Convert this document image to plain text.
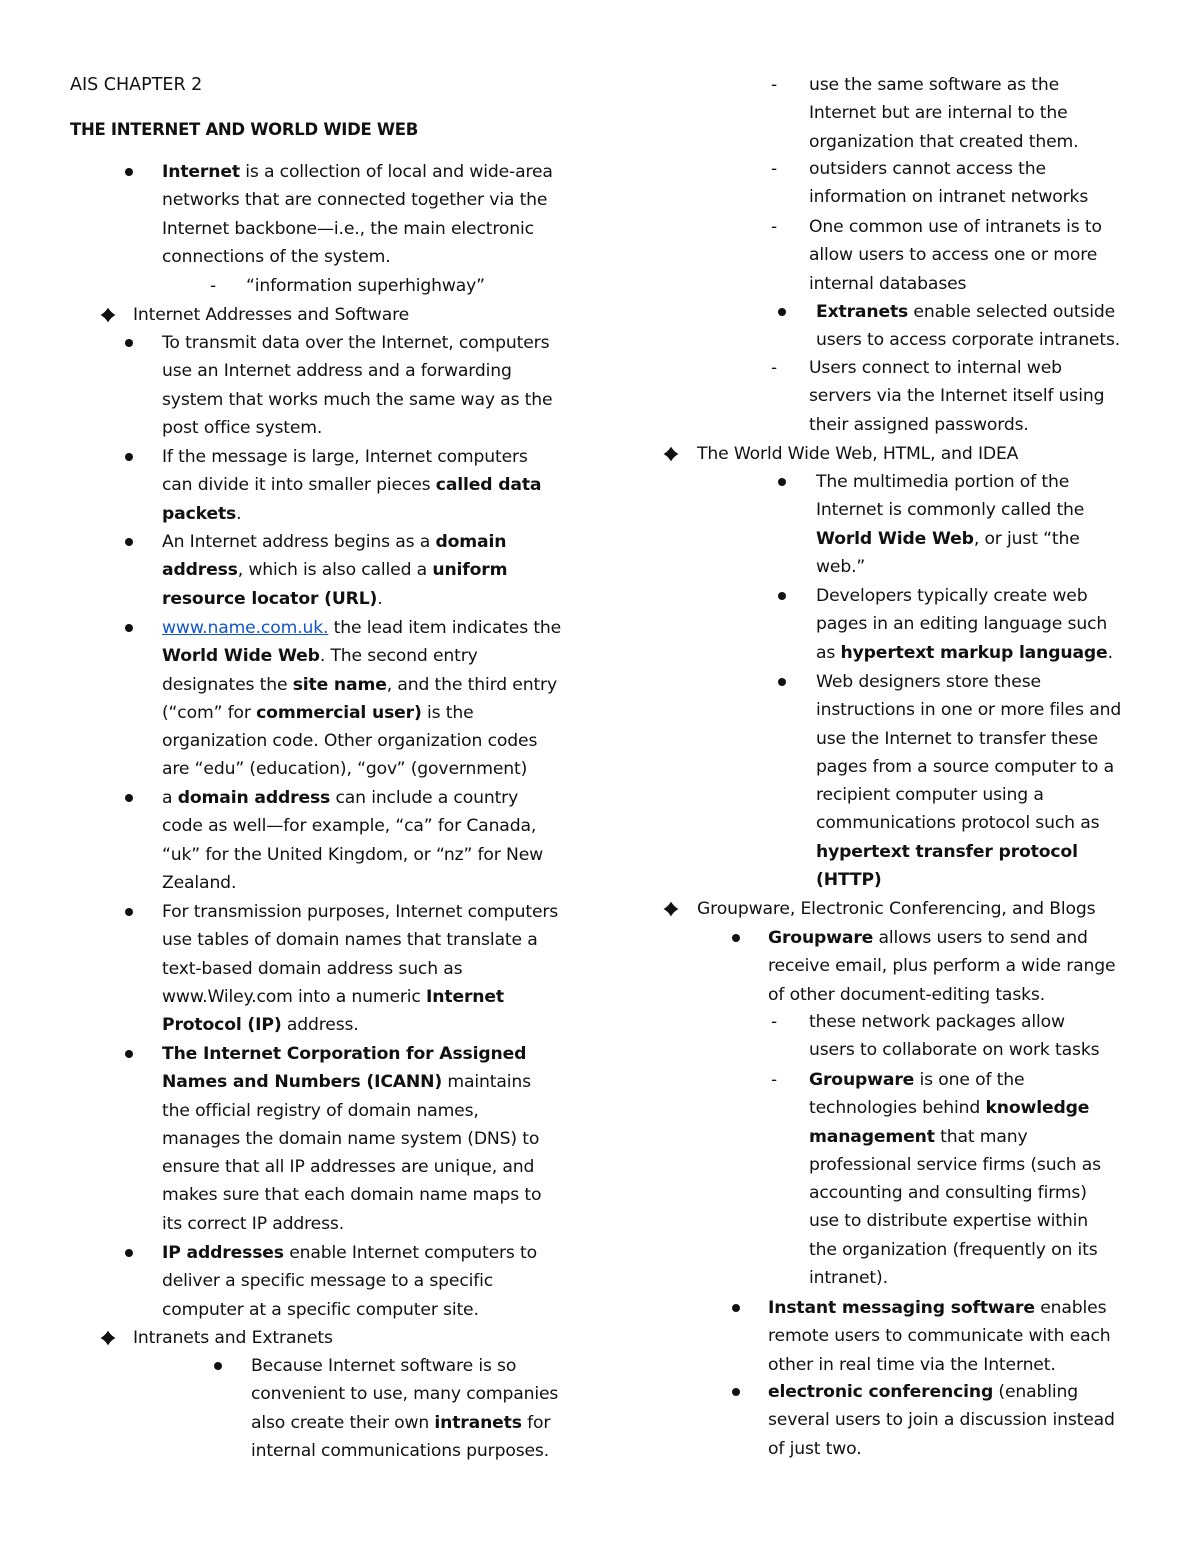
AIS CHAPTER 2

THE INTERNET AND WORLD WIDE WEB

Internet is a collection of local and wide-area networks that are connected together via the Internet backbone—i.e., the main electronic connections of the system.

- “information superhighway”

Internet Addresses and Software

To transmit data over the Internet, computers use an Internet address and a forwarding system that works much the same way as the post office system.

If the message is large, Internet computers can divide it into smaller pieces called data packets.

An Internet address begins as a domain address, which is also called a uniform resource locator (URL).

www.name.com.uk. the lead item indicates the World Wide Web. The second entry designates the site name, and the third entry (“com” for commercial user) is the organization code. Other organization codes are “edu” (education), “gov” (government)

a domain address can include a country code as well—for example, “ca” for Canada, “uk” for the United Kingdom, or “nz” for New Zealand.

For transmission purposes, Internet computers use tables of domain names that translate a text-based domain address such as www.Wiley.com into a numeric Internet Protocol (IP) address.

The Internet Corporation for Assigned Names and Numbers (ICANN) maintains the official registry of domain names, manages the domain name system (DNS) to ensure that all IP addresses are unique, and makes sure that each domain name maps to its correct IP address.

IP addresses enable Internet computers to deliver a specific message to a specific computer at a specific computer site.

Intranets and Extranets

Because Internet software is so convenient to use, many companies also create their own intranets for internal communications purposes.

- use the same software as the Internet but are internal to the organization that created them.

- outsiders cannot access the information on intranet networks

- One common use of intranets is to allow users to access one or more internal databases

Extranets enable selected outside users to access corporate intranets.

- Users connect to internal web servers via the Internet itself using their assigned passwords.

The World Wide Web, HTML, and IDEA

The multimedia portion of the Internet is commonly called the World Wide Web, or just “the web.”

Developers typically create web pages in an editing language such as hypertext markup language.

Web designers store these instructions in one or more files and use the Internet to transfer these pages from a source computer to a recipient computer using a communications protocol such as hypertext transfer protocol (HTTP)

Groupware, Electronic Conferencing, and Blogs

Groupware allows users to send and receive email, plus perform a wide range of other document-editing tasks.

- these network packages allow users to collaborate on work tasks

- Groupware is one of the technologies behind knowledge management that many professional service firms (such as accounting and consulting firms) use to distribute expertise within the organization (frequently on its intranet).

Instant messaging software enables remote users to communicate with each other in real time via the Internet.

electronic conferencing (enabling several users to join a discussion instead of just two.
